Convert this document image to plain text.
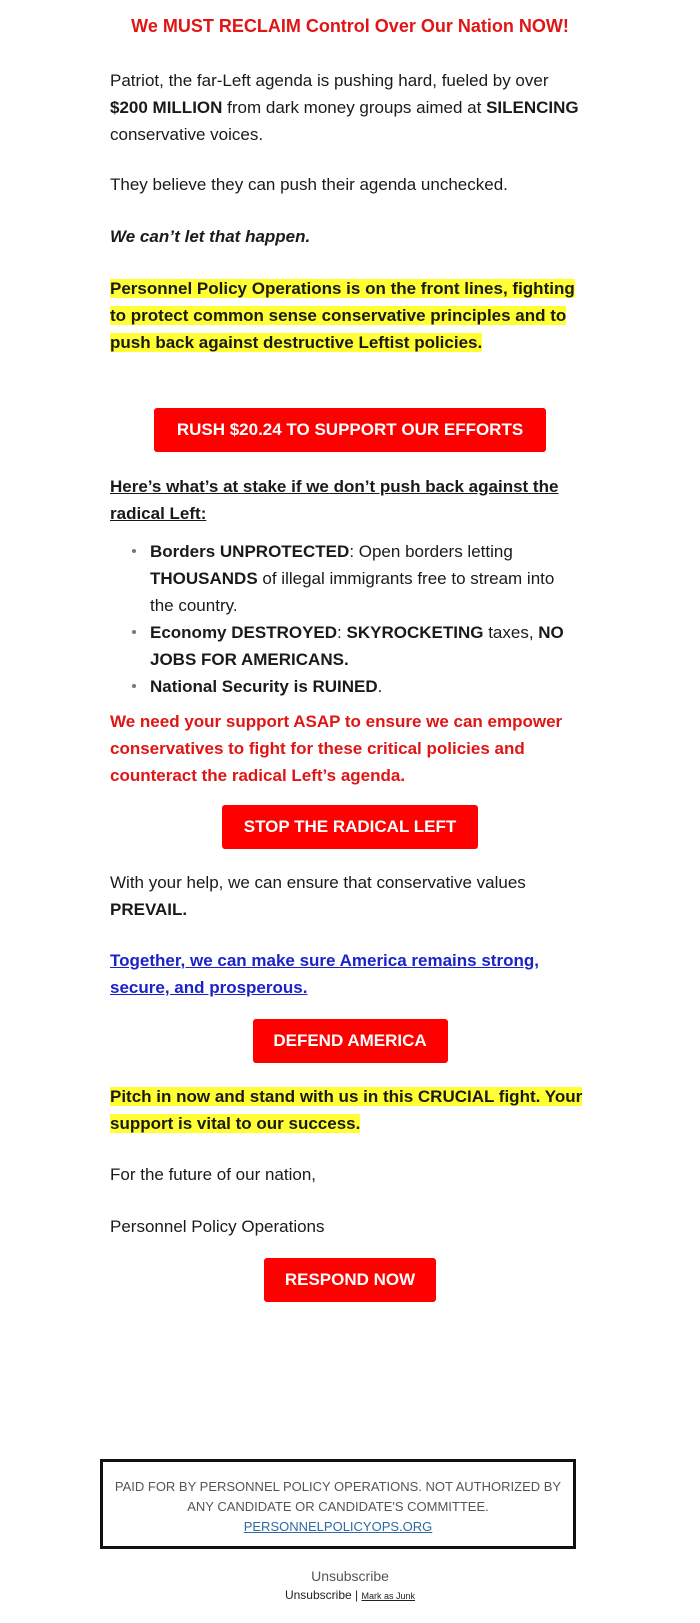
We MUST RECLAIM Control Over Our Nation NOW!

Patriot, the far-Left agenda is pushing hard, fueled by over $200 MILLION from dark money groups aimed at SILENCING conservative voices.

They believe they can push their agenda unchecked.

We can’t let that happen.

Personnel Policy Operations is on the front lines, fighting to protect common sense conservative principles and to push back against destructive Leftist policies.

RUSH $20.24 TO SUPPORT OUR EFFORTS

Here’s what’s at stake if we don’t push back against the radical Left:

Borders UNPROTECTED: Open borders letting THOUSANDS of illegal immigrants free to stream into the country.
Economy DESTROYED: SKYROCKETING taxes, NO JOBS FOR AMERICANS.
National Security is RUINED.

We need your support ASAP to ensure we can empower conservatives to fight for these critical policies and counteract the radical Left’s agenda.

STOP THE RADICAL LEFT

With your help, we can ensure that conservative values PREVAIL.

Together, we can make sure America remains strong, secure, and prosperous.

DEFEND AMERICA

Pitch in now and stand with us in this CRUCIAL fight. Your support is vital to our success.

For the future of our nation,

Personnel Policy Operations

RESPOND NOW
PAID FOR BY PERSONNEL POLICY OPERATIONS. NOT AUTHORIZED BY ANY CANDIDATE OR CANDIDATE'S COMMITTEE.
PERSONNELPOLICYOPS.ORG
Unsubscribe
Unsubscribe | Mark as Junk
